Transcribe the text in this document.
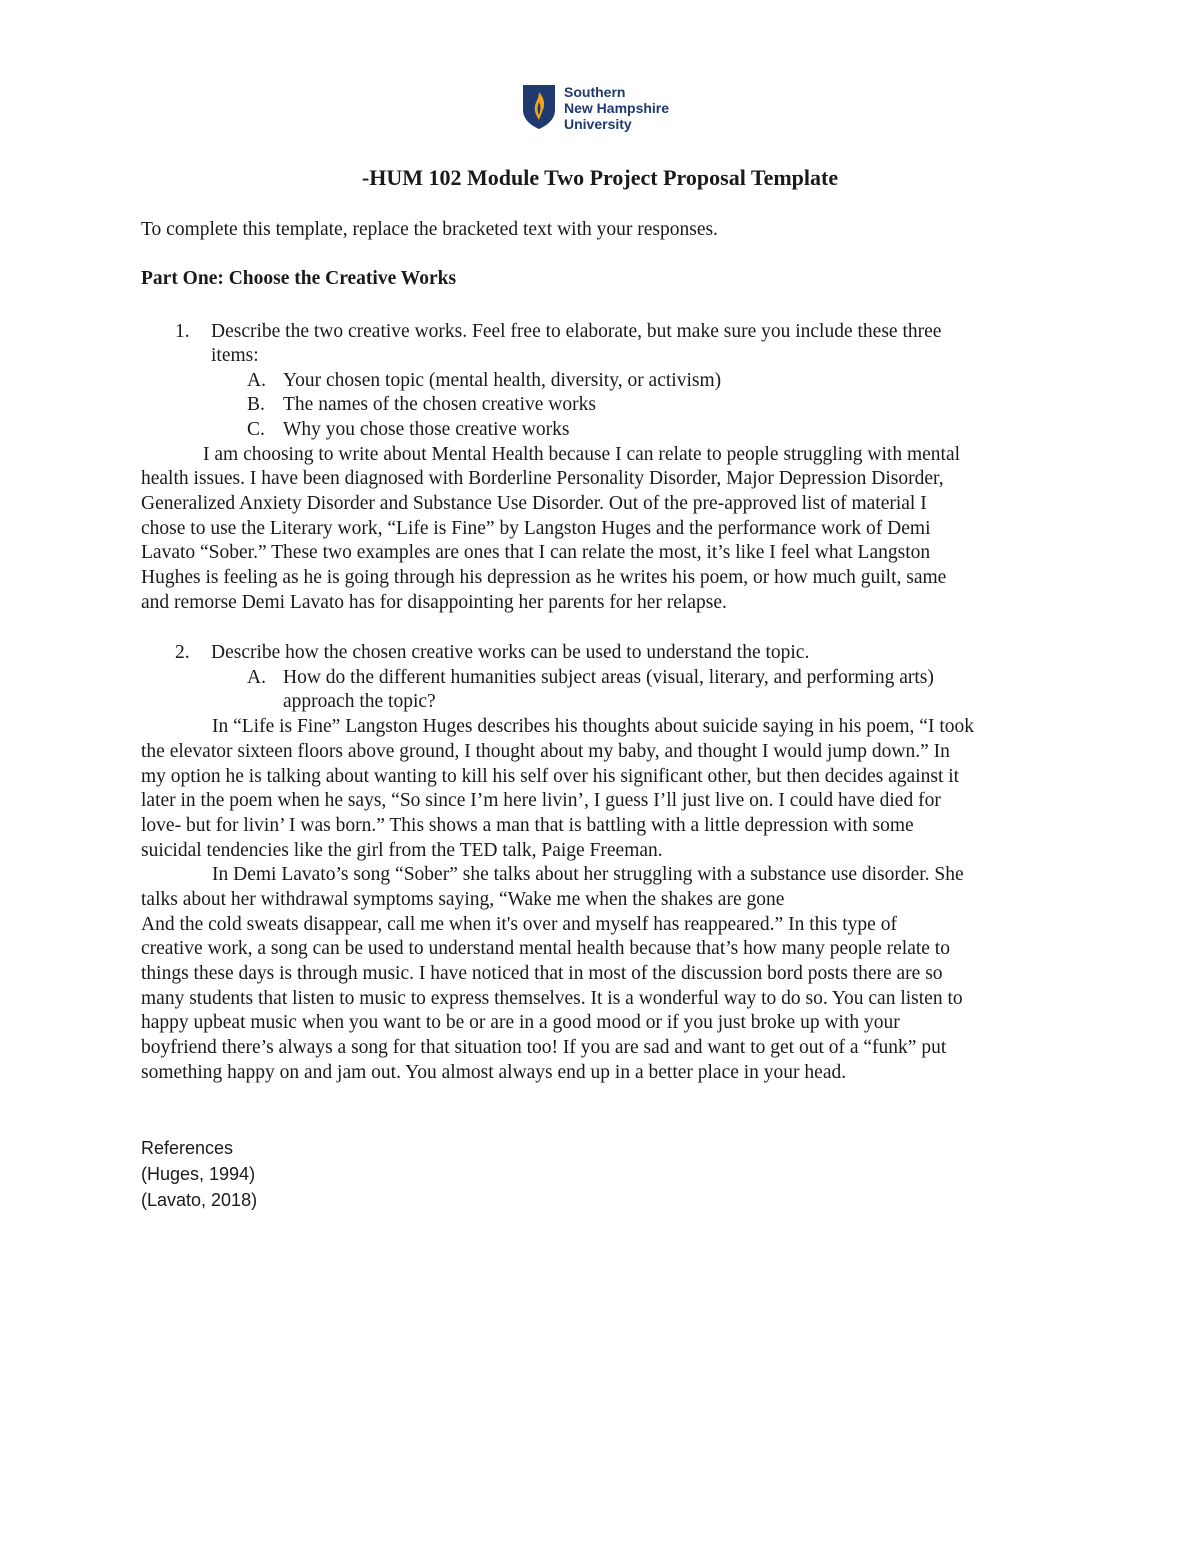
Southern
New Hampshire
University
-HUM 102 Module Two Project Proposal Template
To complete this template, replace the bracketed text with your responses.
Part One: Choose the Creative Works
1. Describe the two creative works. Feel free to elaborate, but make sure you include these three
items:
A. Your chosen topic (mental health, diversity, or activism)
B. The names of the chosen creative works
C. Why you chose those creative works
I am choosing to write about Mental Health because I can relate to people struggling with mental
health issues. I have been diagnosed with Borderline Personality Disorder, Major Depression Disorder,
Generalized Anxiety Disorder and Substance Use Disorder. Out of the pre-approved list of material I
chose to use the Literary work, “Life is Fine” by Langston Huges and the performance work of Demi
Lavato “Sober.” These two examples are ones that I can relate the most, it’s like I feel what Langston
Hughes is feeling as he is going through his depression as he writes his poem, or how much guilt, same
and remorse Demi Lavato has for disappointing her parents for her relapse.
2. Describe how the chosen creative works can be used to understand the topic.
A. How do the different humanities subject areas (visual, literary, and performing arts)
approach the topic?
In “Life is Fine” Langston Huges describes his thoughts about suicide saying in his poem, “I took
the elevator sixteen floors above ground, I thought about my baby, and thought I would jump down.” In
my option he is talking about wanting to kill his self over his significant other, but then decides against it
later in the poem when he says, “So since I’m here livin’, I guess I’ll just live on. I could have died for
love- but for livin’ I was born.” This shows a man that is battling with a little depression with some
suicidal tendencies like the girl from the TED talk, Paige Freeman.
In Demi Lavato’s song “Sober” she talks about her struggling with a substance use disorder. She
talks about her withdrawal symptoms saying, “Wake me when the shakes are gone
And the cold sweats disappear, call me when it's over and myself has reappeared.” In this type of
creative work, a song can be used to understand mental health because that’s how many people relate to
things these days is through music. I have noticed that in most of the discussion bord posts there are so
many students that listen to music to express themselves. It is a wonderful way to do so. You can listen to
happy upbeat music when you want to be or are in a good mood or if you just broke up with your
boyfriend there’s always a song for that situation too! If you are sad and want to get out of a “funk” put
something happy on and jam out. You almost always end up in a better place in your head.
References
(Huges, 1994)
(Lavato, 2018)
